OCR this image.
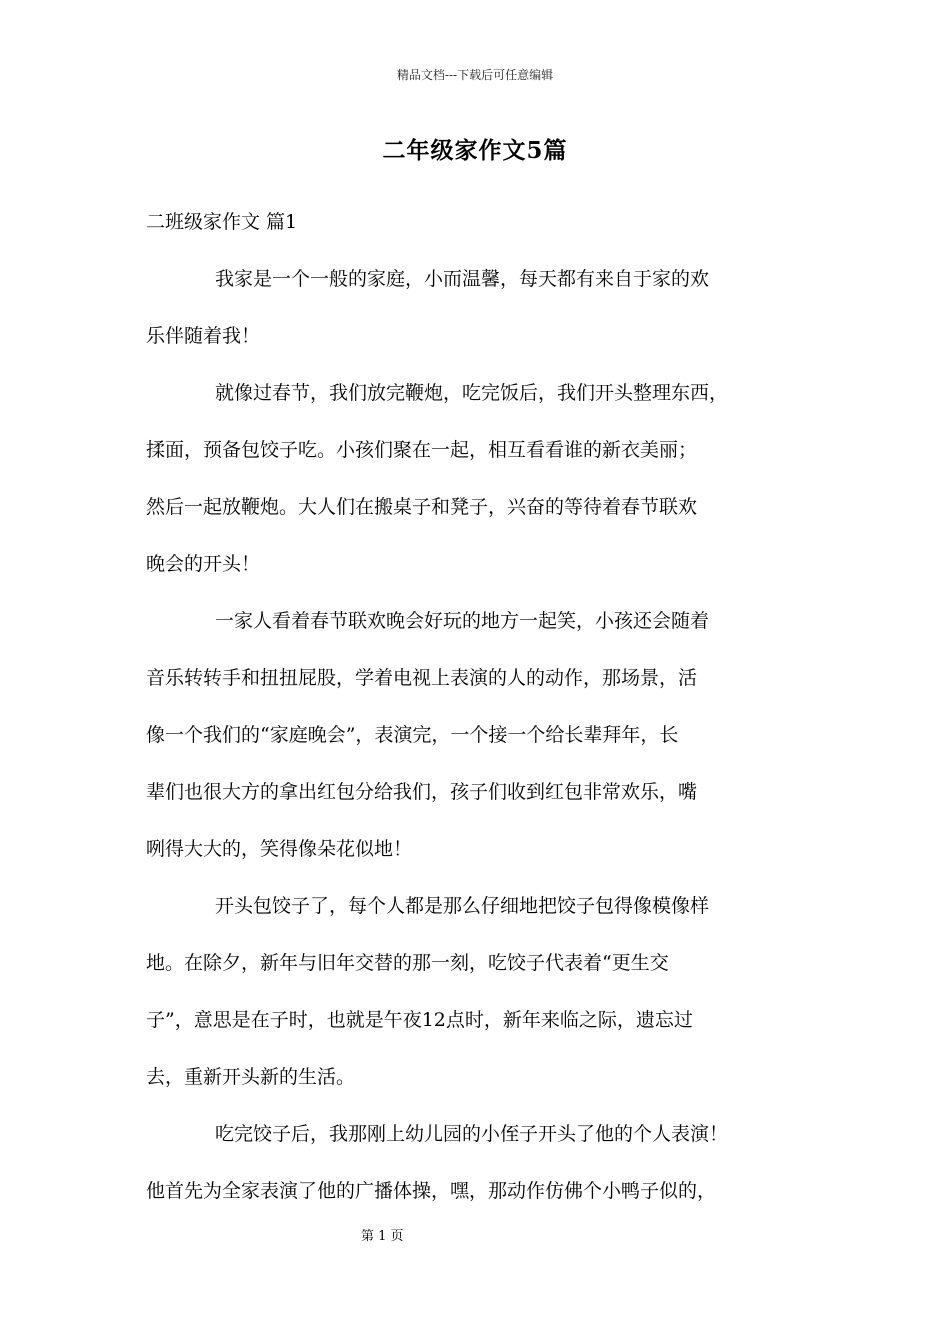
精品文档---下载后可任意编辑
二年级家作文5篇
二班级家作文 篇1
我家是一个一般的家庭，小而温馨，每天都有来自于家的欢
乐伴随着我！
就像过春节，我们放完鞭炮，吃完饭后，我们开头整理东西，
揉面，预备包饺子吃。小孩们聚在一起，相互看看谁的新衣美丽；
然后一起放鞭炮。大人们在搬桌子和凳子，兴奋的等待着春节联欢
晚会的开头！
一家人看着春节联欢晚会好玩的地方一起笑，小孩还会随着
音乐转转手和扭扭屁股，学着电视上表演的人的动作，那场景，活
像一个我们的“家庭晚会”，表演完，一个接一个给长辈拜年，长
辈们也很大方的拿出红包分给我们，孩子们收到红包非常欢乐，嘴
咧得大大的，笑得像朵花似地！
开头包饺子了，每个人都是那么仔细地把饺子包得像模像样
地。在除夕，新年与旧年交替的那一刻，吃饺子代表着“更生交
子”，意思是在子时，也就是午夜12点时，新年来临之际，遗忘过
去，重新开头新的生活。
吃完饺子后，我那刚上幼儿园的小侄子开头了他的个人表演！
他首先为全家表演了他的广播体操，嘿，那动作仿佛个小鸭子似的，
第 1 页
